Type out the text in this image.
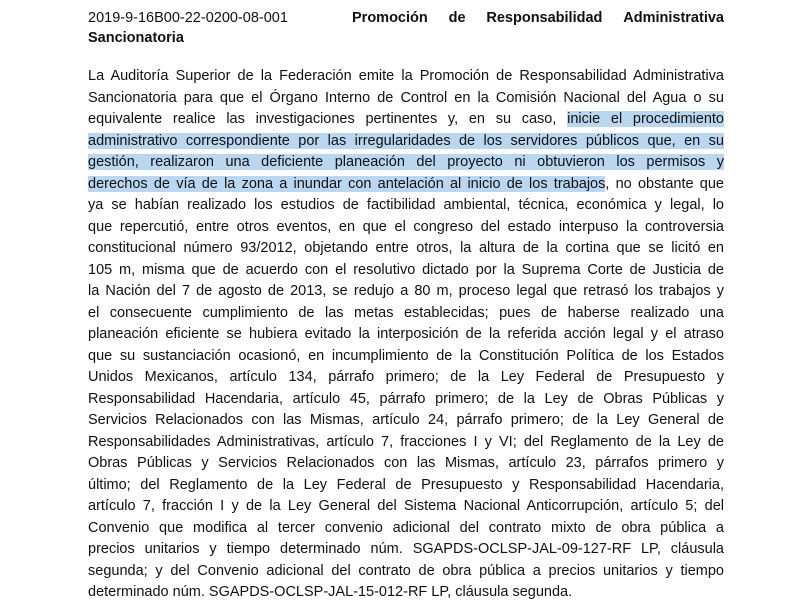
2019-9-16B00-22-0200-08-001	Promoción de Responsabilidad Administrativa
Sancionatoria
La Auditoría Superior de la Federación emite la Promoción de Responsabilidad Administrativa
Sancionatoria para que el Órgano Interno de Control en la Comisión Nacional del Agua o su
equivalente realice las investigaciones pertinentes y, en su caso, inicie el procedimiento
administrativo correspondiente por las irregularidades de los servidores públicos que, en su
gestión, realizaron una deficiente planeación del proyecto ni obtuvieron los permisos y
derechos de vía de la zona a inundar con antelación al inicio de los trabajos, no obstante que
ya se habían realizado los estudios de factibilidad ambiental, técnica, económica y legal, lo
que repercutió, entre otros eventos, en que el congreso del estado interpuso la controversia
constitucional número 93/2012, objetando entre otros, la altura de la cortina que se licitó en
105 m, misma que de acuerdo con el resolutivo dictado por la Suprema Corte de Justicia de
la Nación del 7 de agosto de 2013, se redujo a 80 m, proceso legal que retrasó los trabajos y
el consecuente cumplimiento de las metas establecidas; pues de haberse realizado una
planeación eficiente se hubiera evitado la interposición de la referida acción legal y el atraso
que su sustanciación ocasionó, en incumplimiento de la Constitución Política de los Estados
Unidos Mexicanos, artículo 134, párrafo primero; de la Ley Federal de Presupuesto y
Responsabilidad Hacendaria, artículo 45, párrafo primero; de la Ley de Obras Públicas y
Servicios Relacionados con las Mismas, artículo 24, párrafo primero; de la Ley General de
Responsabilidades Administrativas, artículo 7, fracciones I y VI; del Reglamento de la Ley de
Obras Públicas y Servicios Relacionados con las Mismas, artículo 23, párrafos primero y
último; del Reglamento de la Ley Federal de Presupuesto y Responsabilidad Hacendaria,
artículo 7, fracción I y de la Ley General del Sistema Nacional Anticorrupción, artículo 5; del
Convenio que modifica al tercer convenio adicional del contrato mixto de obra pública a
precios unitarios y tiempo determinado núm. SGAPDS-OCLSP-JAL-09-127-RF LP, cláusula
segunda; y del Convenio adicional del contrato de obra pública a precios unitarios y tiempo
determinado núm. SGAPDS-OCLSP-JAL-15-012-RF LP, cláusula segunda.
